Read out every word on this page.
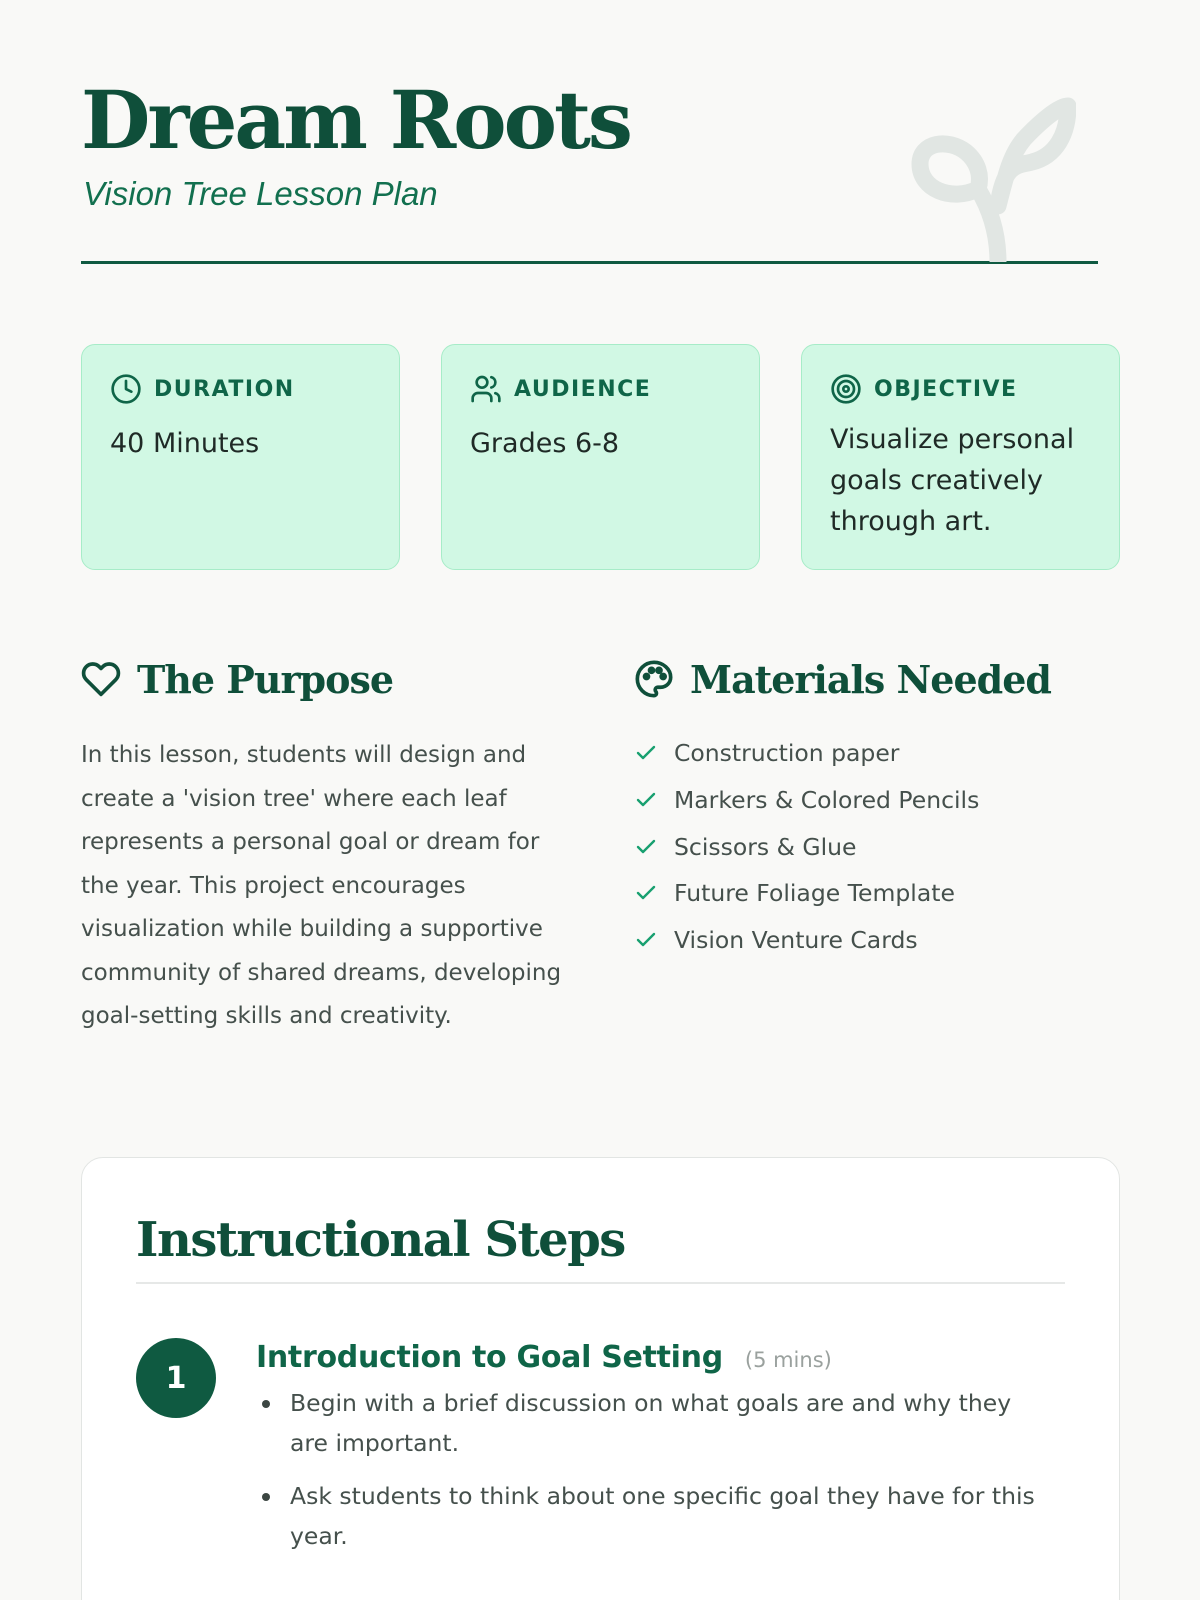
Dream Roots
Vision Tree Lesson Plan
DURATION
40 Minutes
AUDIENCE
Grades 6-8
OBJECTIVE
Visualize personal goals creatively through art.
The Purpose

In this lesson, students will design and create a 'vision tree' where each leaf represents a personal goal or dream for the year. This project encourages visualization while building a supportive community of shared dreams, developing goal-setting skills and creativity.

Materials Needed
Construction paper
Markers & Colored Pencils
Scissors & Glue
Future Foliage Template
Vision Venture Cards
Instructional Steps
1
Introduction to Goal Setting (5 mins)
Begin with a brief discussion on what goals are and why they are important.
Ask students to think about one specific goal they have for this year.
